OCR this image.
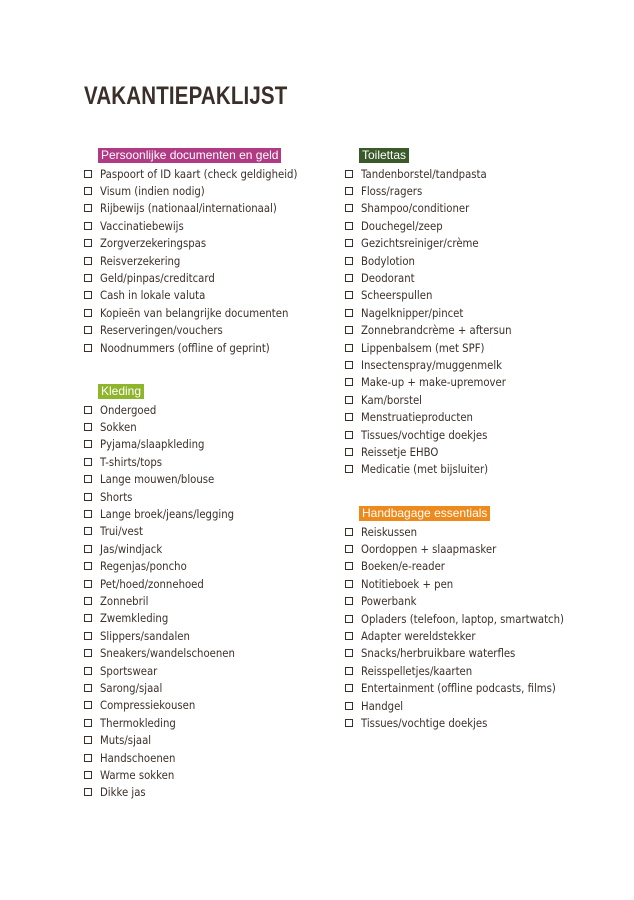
VAKANTIEPAKLIJST
Persoonlijke documenten en geld
Paspoort of ID kaart (check geldigheid)
Visum (indien nodig)
Rijbewijs (nationaal/internationaal)
Vaccinatiebewijs
Zorgverzekeringspas
Reisverzekering
Geld/pinpas/creditcard
Cash in lokale valuta
Kopieën van belangrijke documenten
Reserveringen/vouchers
Noodnummers (offline of geprint)
Kleding
Ondergoed
Sokken
Pyjama/slaapkleding
T-shirts/tops
Lange mouwen/blouse
Shorts
Lange broek/jeans/legging
Trui/vest
Jas/windjack
Regenjas/poncho
Pet/hoed/zonnehoed
Zonnebril
Zwemkleding
Slippers/sandalen
Sneakers/wandelschoenen
Sportswear
Sarong/sjaal
Compressiekousen
Thermokleding
Muts/sjaal
Handschoenen
Warme sokken
Dikke jas
Toilettas
Tandenborstel/tandpasta
Floss/ragers
Shampoo/conditioner
Douchegel/zeep
Gezichtsreiniger/crème
Bodylotion
Deodorant
Scheerspullen
Nagelknipper/pincet
Zonnebrandcrème + aftersun
Lippenbalsem (met SPF)
Insectenspray/muggenmelk
Make-up + make-upremover
Kam/borstel
Menstruatieproducten
Tissues/vochtige doekjes
Reissetje EHBO
Medicatie (met bijsluiter)
Handbagage essentials
Reiskussen
Oordoppen + slaapmasker
Boeken/e-reader
Notitieboek + pen
Powerbank
Opladers (telefoon, laptop, smartwatch)
Adapter wereldstekker
Snacks/herbruikbare waterfles
Reisspelletjes/kaarten
Entertainment (offline podcasts, films)
Handgel
Tissues/vochtige doekjes
